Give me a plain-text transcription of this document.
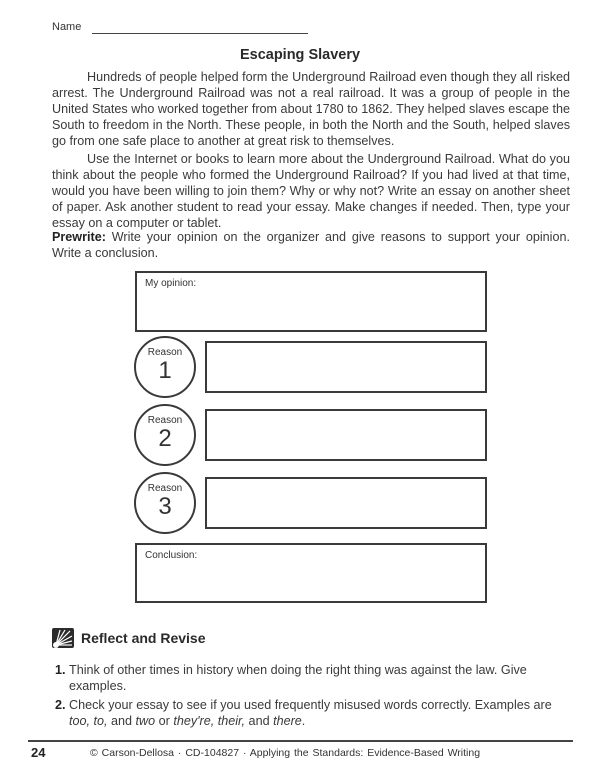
Name
Escaping Slavery

Hundreds of people helped form the Underground Railroad even though they all risked arrest. The Underground Railroad was not a real railroad. It was a group of people in the United States who worked together from about 1780 to 1862. They helped slaves escape the South to freedom in the North. These people, in both the North and the South, helped slaves go from one safe place to another at great risk to themselves.

Use the Internet or books to learn more about the Underground Railroad. What do you think about the people who formed the Underground Railroad? If you had lived at that time, would you have been willing to join them? Why or why not? Write an essay on another sheet of paper. Ask another student to read your essay. Make changes if needed. Then, type your essay on a computer or tablet.

Prewrite: Write your opinion on the organizer and give reasons to support your opinion. Write a conclusion.

My opinion:
Reason
1
Reason
2
Reason
3
Conclusion:
Reflect and Revise
1. Think of other times in history when doing the right thing was against the law. Give examples.
2. Check your essay to see if you used frequently misused words correctly. Examples are too, to, and two or they're, their, and there.
24	© Carson-Dellosa · CD-104827 · Applying the Standards: Evidence-Based Writing
